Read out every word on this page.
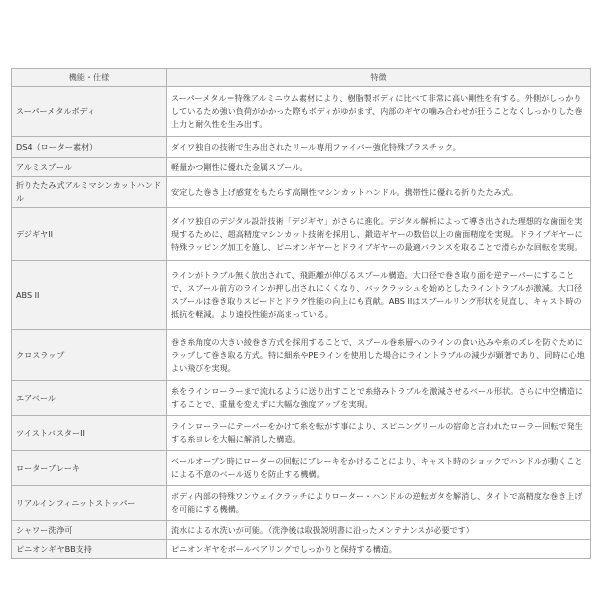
機能・仕様	特徴
スーパーメタルボディ	スーパーメタル＝特殊アルミニウム素材により、樹脂製ボディに比べて非常に高い剛性を有する。外側がしっかりしているため強い負荷がかかった際もボディがゆがまず、内部のギヤの噛み合わせが狂うことなくしっかりした巻上力と耐久性を生み出す。
DS4（ローター素材）	ダイワ独自の技術で生み出されたリール専用ファイバー強化特殊プラスチック。
アルミスプール	軽量かつ剛性に優れた金属スプール。
折りたたみ式アルミマシンカットハンドル	安定した巻き上げ感覚をもたらす高剛性マシンカットハンドル。携帯性に優れる折りたたみ式。
デジギヤII	ダイワ独自のデジタル設計技術「デジギヤ」がさらに進化。デジタル解析によって導き出された理想的な歯面を実現するために、超高精度マシンカット技術を採用し、鍛造ギヤーの数倍以上の歯面精度を実現。ドライブギヤーに特殊ラッピング加工を施し、ピニオンギヤーとドライブギヤーの最適バランスを取ることで滑らかな回転を実現。
ABS II	ラインがトラブル無く放出されて、飛距離が伸びるスプール構造。大口径で巻き取り面を逆テーパーにすることで、スプール前方のラインが押し出されにくくなり、バックラッシュを始めとしたライントラブルが激減。大口径スプールは巻き取りスピードとドラグ性能の向上にも貢献。ABS IIはスプールリング形状を見直し、キャスト時の抵抗を軽減。より遠投性能が高まっている。
クロスラップ	巻き糸角度の大きい綾巻き方式を採用することで、スプール巻糸層へのラインの食い込みや糸のズレを防ぐためにラップして巻き取る方式。特に細糸やPEラインを使用した場合にライントラブルの減少が顕著であり、同時に心地よい飛びを実現。
エアベール	糸をラインローラーまで流れるように送り出すことで糸絡みトラブルを激減させるベール形状。さらに中空構造にすることで、重量を変えずに大幅な強度アップを実現。
ツイストバスターII	ラインローラーにテーパーをかけて糸を転がす事により、スピニングリールの宿命と言われたローラー回転で発生する糸ヨレを大幅に解消した構造。
ローターブレーキ	ベールオープン時にローターの回転にブレーキをかけることにより、キャスト時のショックでハンドルが動くことによる不意のベール返りを防止する機構。
リアルインフィニットストッパー	ボディ内部の特殊ワンウェイクラッチによりローター・ハンドルの逆転ガタを解消し、タイトで高精度な巻き上げを可能にする機構。
シャワー洗浄可	流水による水洗いが可能。（洗浄後は取扱説明書に沿ったメンテナンスが必要です）
ピニオンギヤBB支持	ピニオンギヤをボールベアリングでしっかりと保持する構造。
